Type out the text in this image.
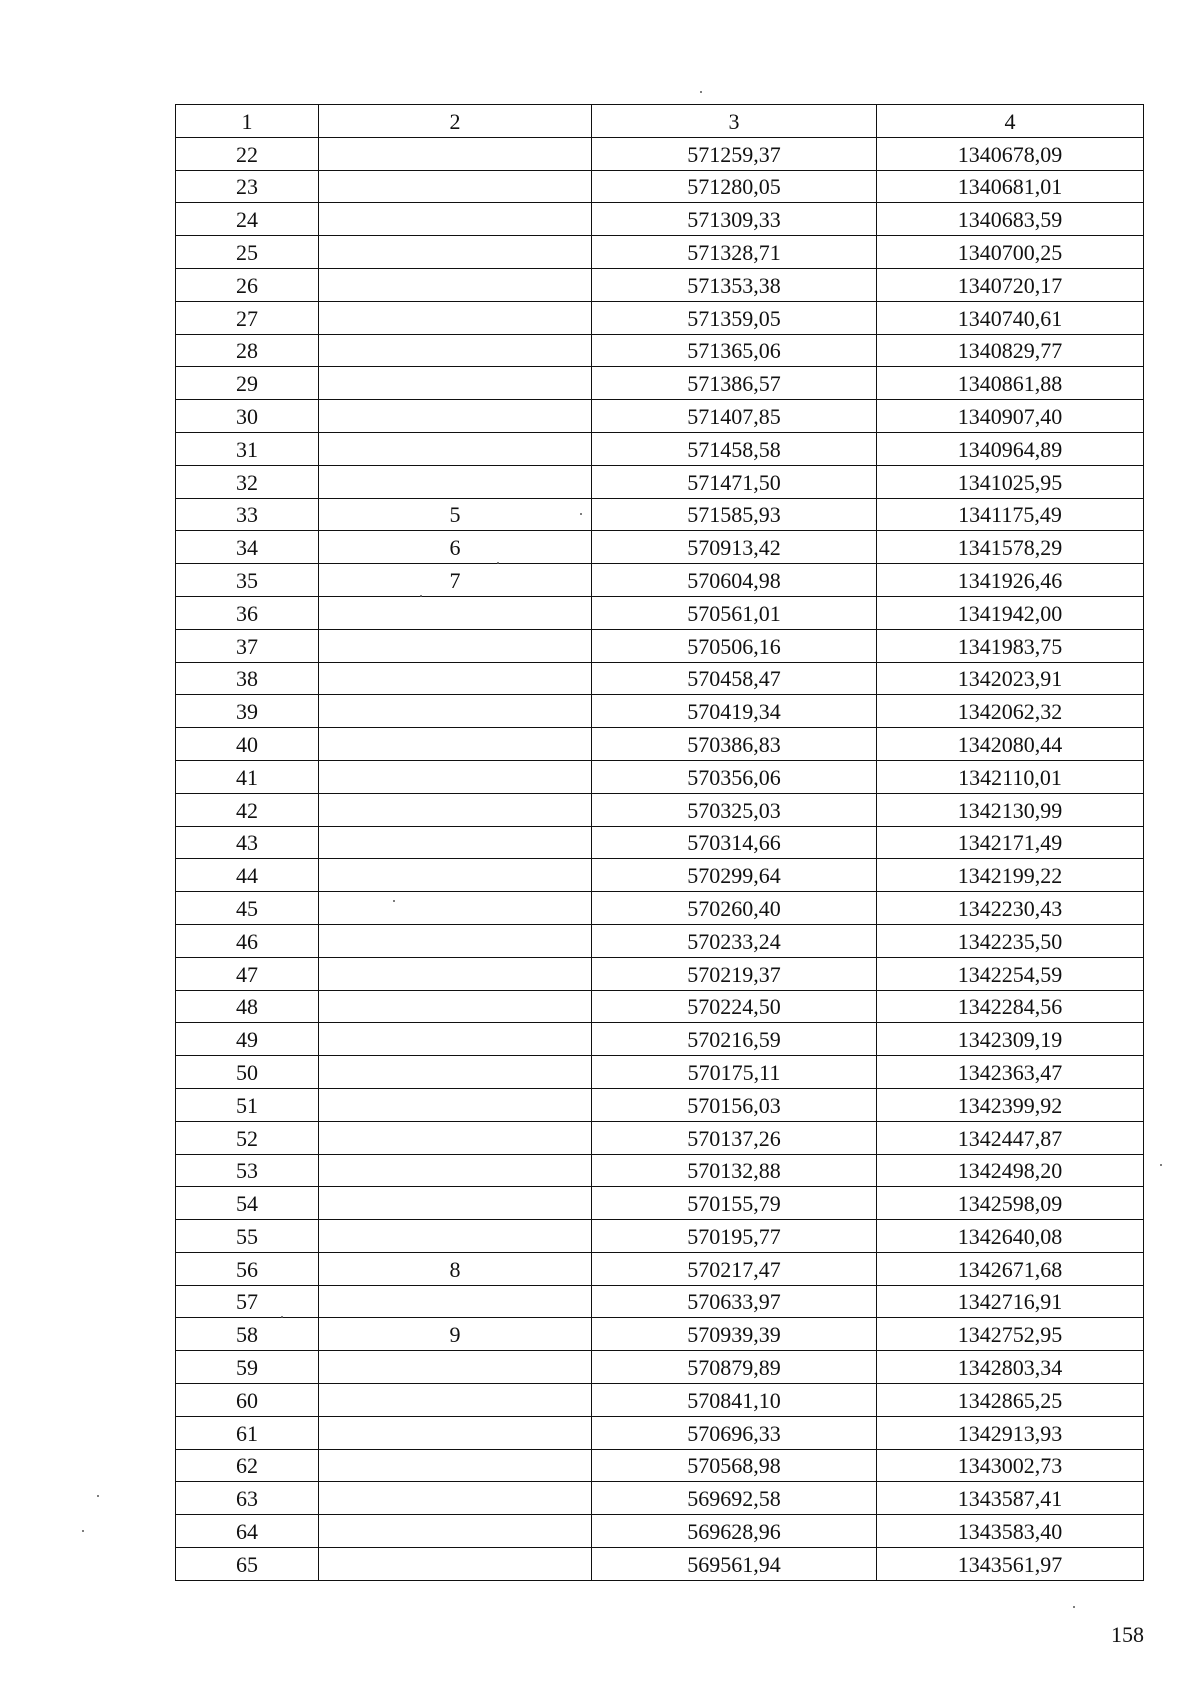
1	2	3	4
22		571259,37	1340678,09
23		571280,05	1340681,01
24		571309,33	1340683,59
25		571328,71	1340700,25
26		571353,38	1340720,17
27		571359,05	1340740,61
28		571365,06	1340829,77
29		571386,57	1340861,88
30		571407,85	1340907,40
31		571458,58	1340964,89
32		571471,50	1341025,95
33	5	571585,93	1341175,49
34	6	570913,42	1341578,29
35	7	570604,98	1341926,46
36		570561,01	1341942,00
37		570506,16	1341983,75
38		570458,47	1342023,91
39		570419,34	1342062,32
40		570386,83	1342080,44
41		570356,06	1342110,01
42		570325,03	1342130,99
43		570314,66	1342171,49
44		570299,64	1342199,22
45		570260,40	1342230,43
46		570233,24	1342235,50
47		570219,37	1342254,59
48		570224,50	1342284,56
49		570216,59	1342309,19
50		570175,11	1342363,47
51		570156,03	1342399,92
52		570137,26	1342447,87
53		570132,88	1342498,20
54		570155,79	1342598,09
55		570195,77	1342640,08
56	8	570217,47	1342671,68
57		570633,97	1342716,91
58	9	570939,39	1342752,95
59		570879,89	1342803,34
60		570841,10	1342865,25
61		570696,33	1342913,93
62		570568,98	1343002,73
63		569692,58	1343587,41
64		569628,96	1343583,40
65		569561,94	1343561,97
158
